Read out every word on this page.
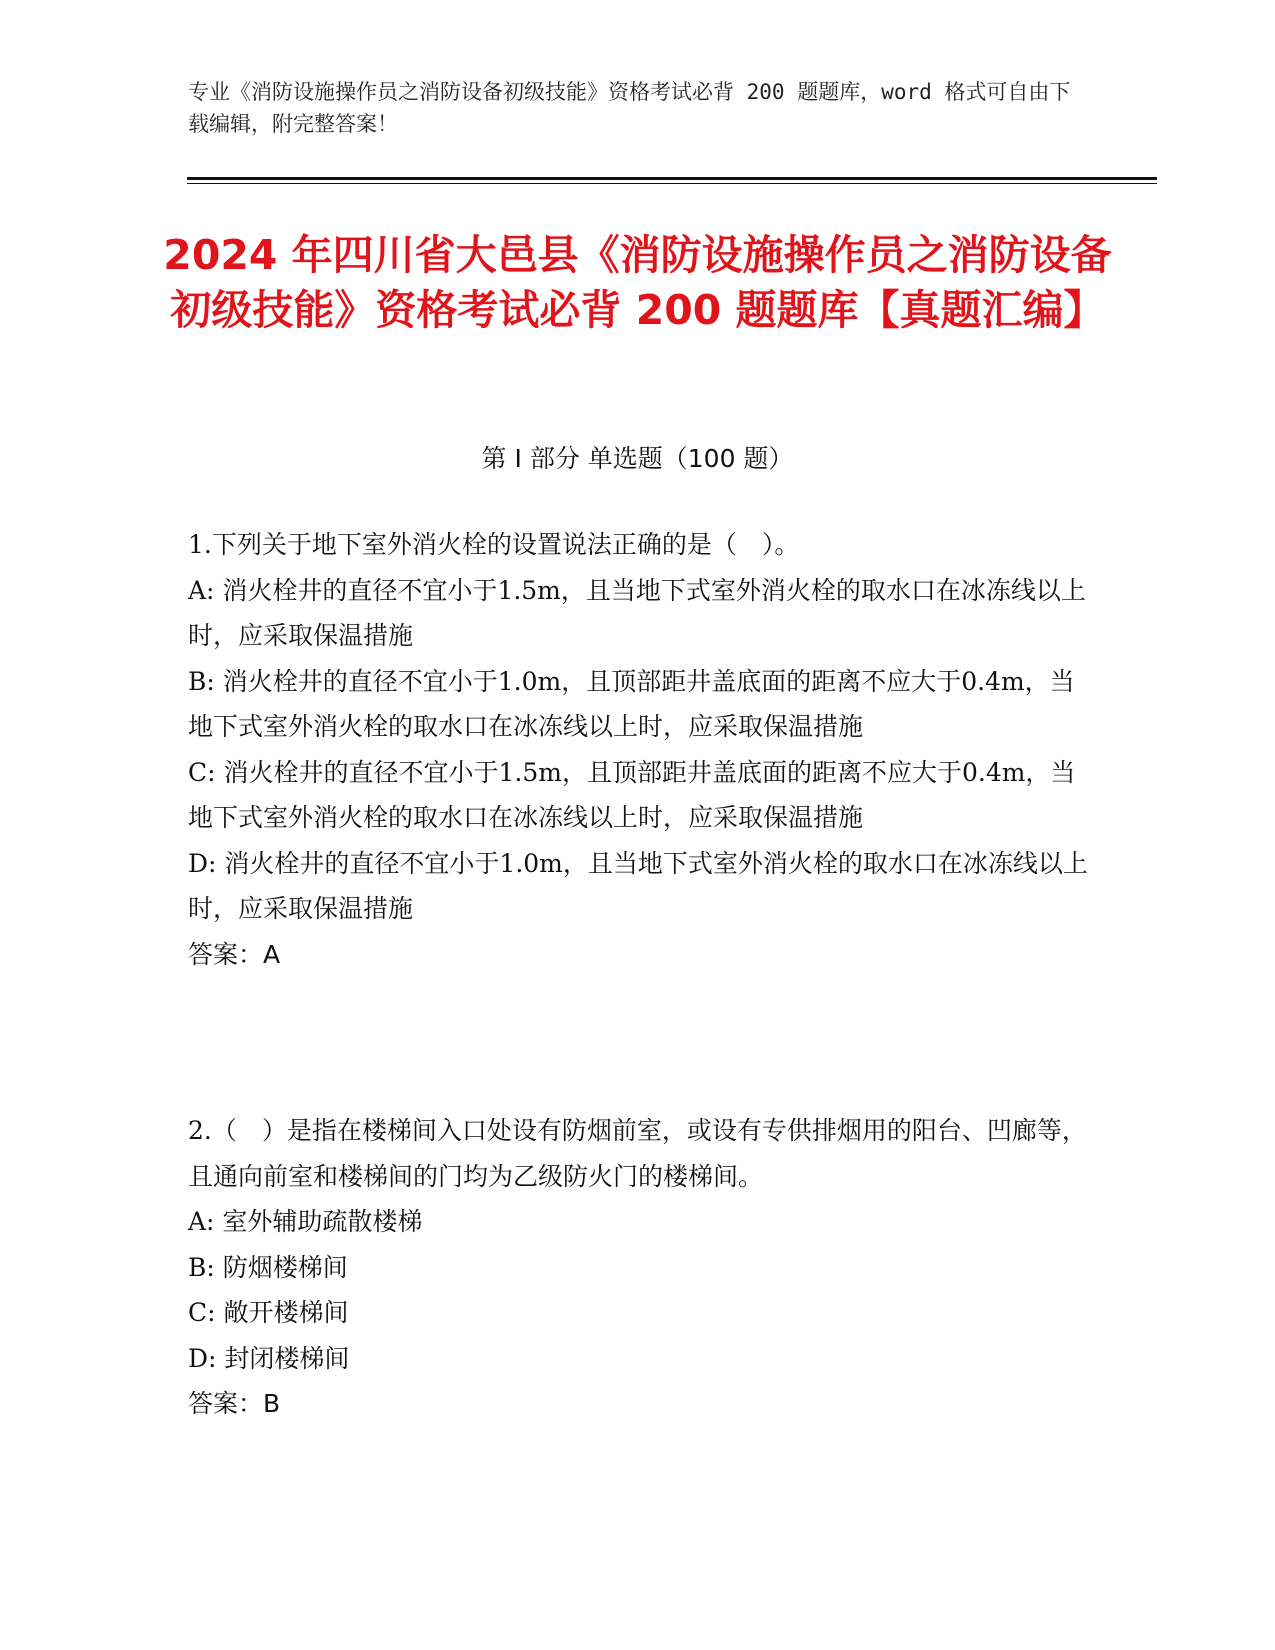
专业《消防设施操作员之消防设备初级技能》资格考试必背 200 题题库，word 格式可自由下载编辑，附完整答案！
2024 年四川省大邑县《消防设施操作员之消防设备初级技能》资格考试必背 200 题题库【真题汇编】
第 I 部分 单选题（100 题）

1.下列关于地下室外消火栓的设置说法正确的是（　）。

A: 消火栓井的直径不宜小于1.5m，且当地下式室外消火栓的取水口在冰冻线以上时，应采取保温措施

B: 消火栓井的直径不宜小于1.0m，且顶部距井盖底面的距离不应大于0.4m，当地下式室外消火栓的取水口在冰冻线以上时，应采取保温措施

C: 消火栓井的直径不宜小于1.5m，且顶部距井盖底面的距离不应大于0.4m，当地下式室外消火栓的取水口在冰冻线以上时，应采取保温措施

D: 消火栓井的直径不宜小于1.0m，且当地下式室外消火栓的取水口在冰冻线以上时，应采取保温措施

答案：A

2.（　）是指在楼梯间入口处设有防烟前室，或设有专供排烟用的阳台、凹廊等，且通向前室和楼梯间的门均为乙级防火门的楼梯间。

A: 室外辅助疏散楼梯

B: 防烟楼梯间

C: 敞开楼梯间

D: 封闭楼梯间

答案：B
